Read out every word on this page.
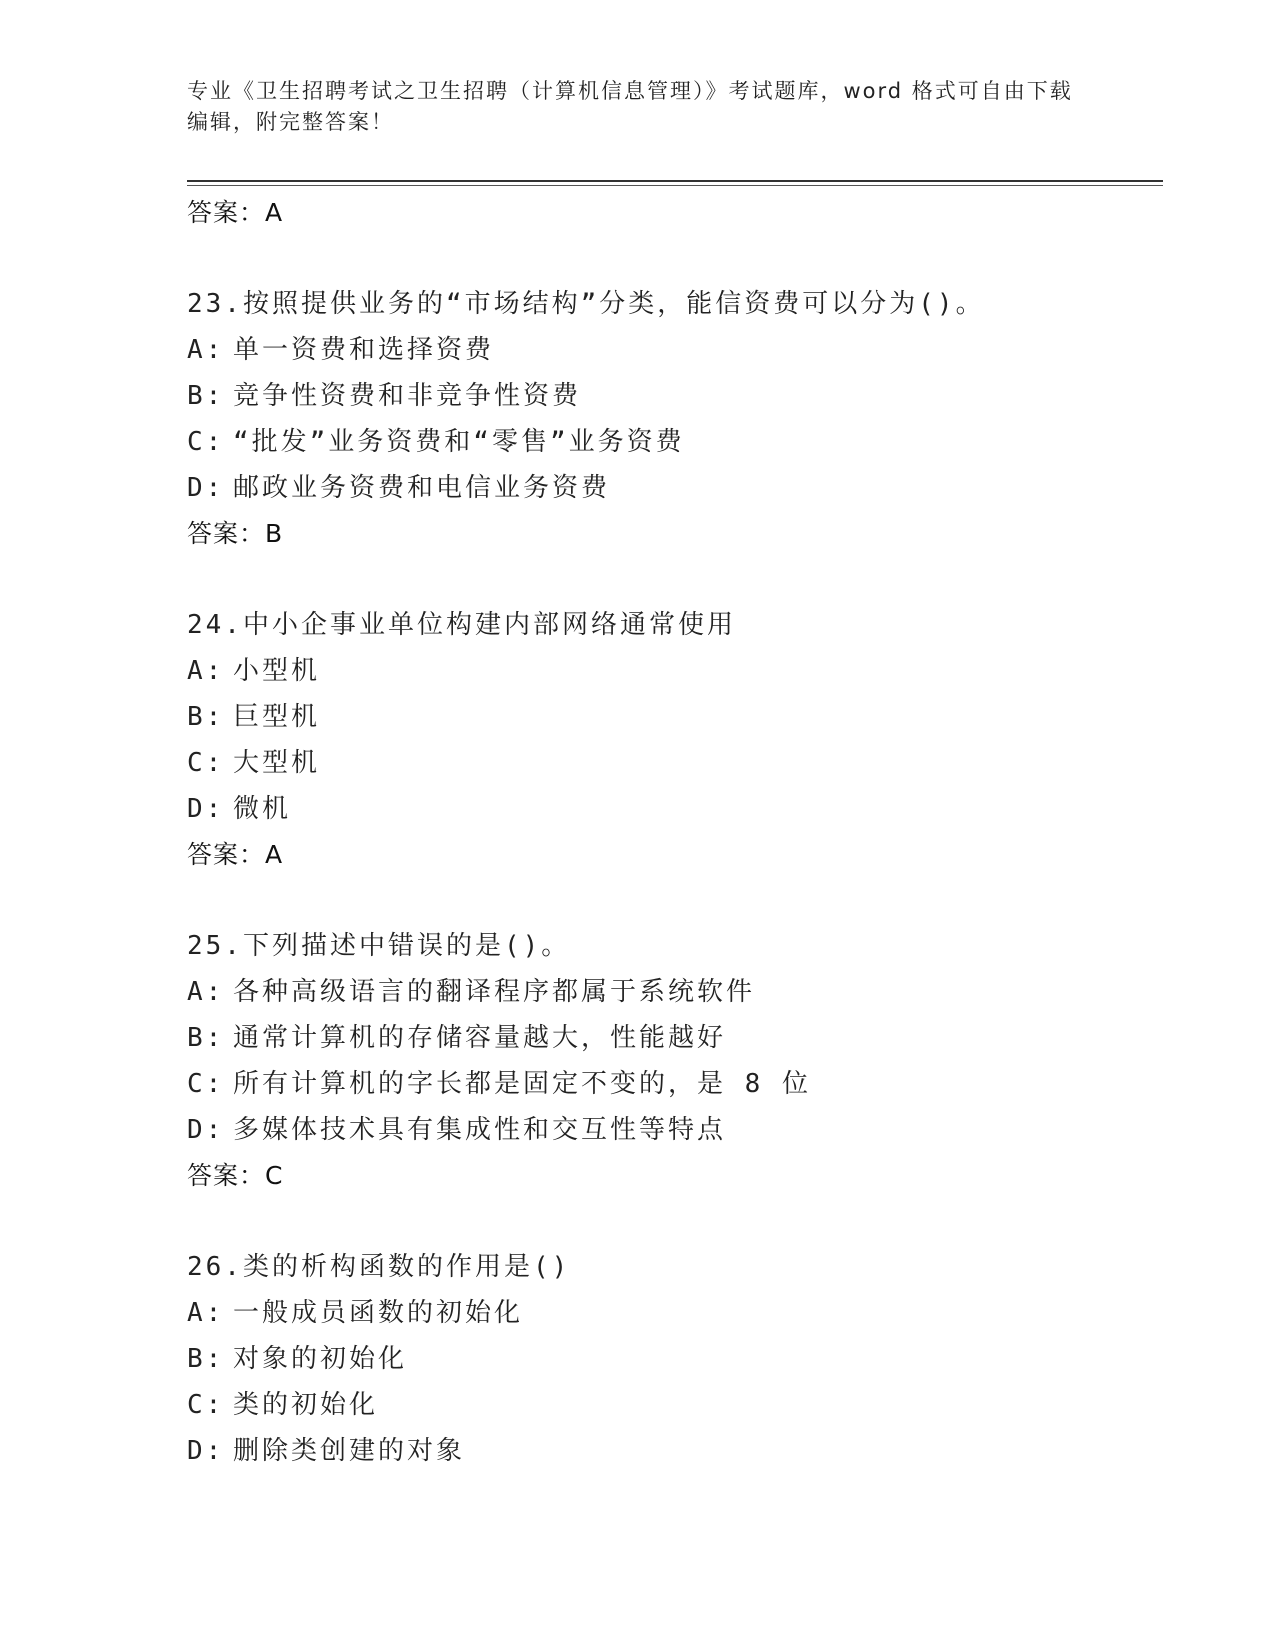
专业《卫生招聘考试之卫生招聘（计算机信息管理）》考试题库，word 格式可自由下载编辑，附完整答案！
答案：A
23.按照提供业务的“市场结构”分类，能信资费可以分为()。
A: 单一资费和选择资费
B: 竞争性资费和非竞争性资费
C: “批发”业务资费和“零售”业务资费
D: 邮政业务资费和电信业务资费
答案：B
24.中小企事业单位构建内部网络通常使用
A: 小型机
B: 巨型机
C: 大型机
D: 微机
答案：A
25.下列描述中错误的是()。
A: 各种高级语言的翻译程序都属于系统软件
B: 通常计算机的存储容量越大，性能越好
C: 所有计算机的字长都是固定不变的，是 8 位
D: 多媒体技术具有集成性和交互性等特点
答案：C
26.类的析构函数的作用是()
A: 一般成员函数的初始化
B: 对象的初始化
C: 类的初始化
D: 删除类创建的对象
